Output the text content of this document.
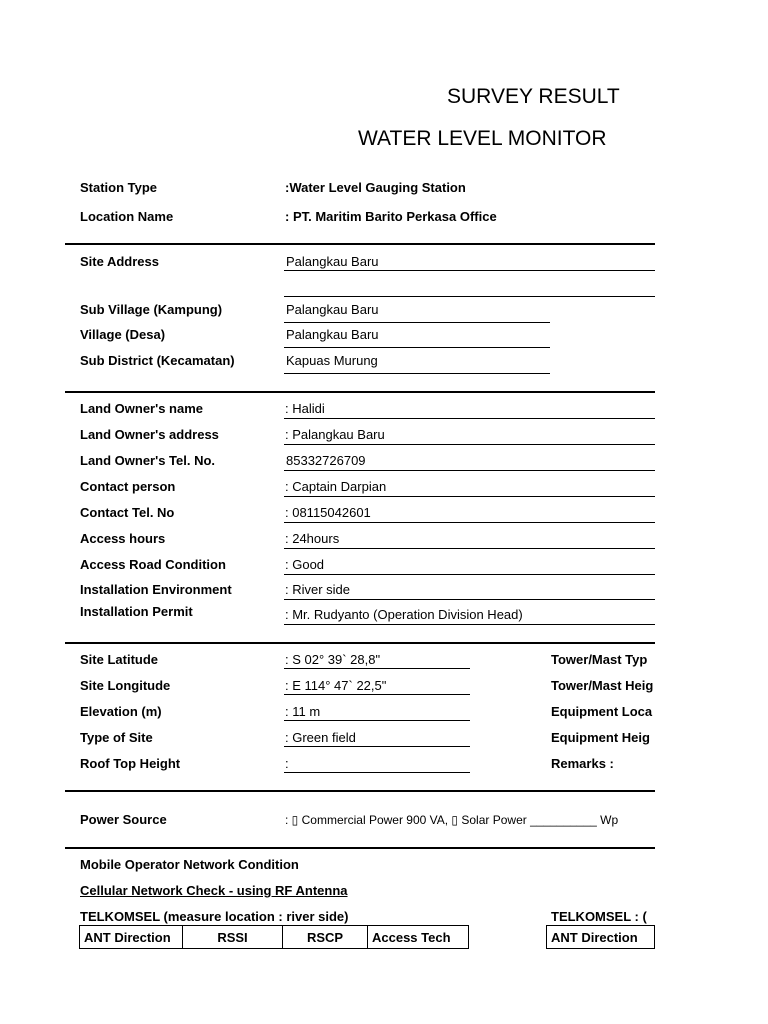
SURVEY RESULT
WATER LEVEL MONITOR
Station Type	:Water Level Gauging Station
Location Name	: PT. Maritim Barito Perkasa Office
Site Address	Palangkau Baru
Sub Village (Kampung)	Palangkau Baru
Village (Desa)	Palangkau Baru
Sub District (Kecamatan)	Kapuas Murung
Land Owner's name	: Halidi
Land Owner's address	: Palangkau Baru
Land Owner's Tel. No.	85332726709
Contact person	: Captain Darpian
Contact Tel. No	: 08115042601
Access hours	: 24hours
Access Road Condition	: Good
Installation Environment	: River side
Installation Permit	: Mr. Rudyanto (Operation Division Head)
Site Latitude	: S 02° 39` 28,8"	Tower/Mast Typ
Site Longitude	: E 114° 47` 22,5"	Tower/Mast Heig
Elevation (m)	: 11 m	Equipment Loca
Type of Site	: Green field	Equipment Heig
Roof Top Height	:	Remarks :
Power Source	: ▯ Commercial Power 900 VA, ▯ Solar Power __________ Wp
Mobile Operator Network Condition
Cellular Network Check - using RF Antenna
TELKOMSEL (measure location : river side)	TELKOMSEL : (
ANT Direction	RSSI	RSCP	Access Tech	ANT Direction
